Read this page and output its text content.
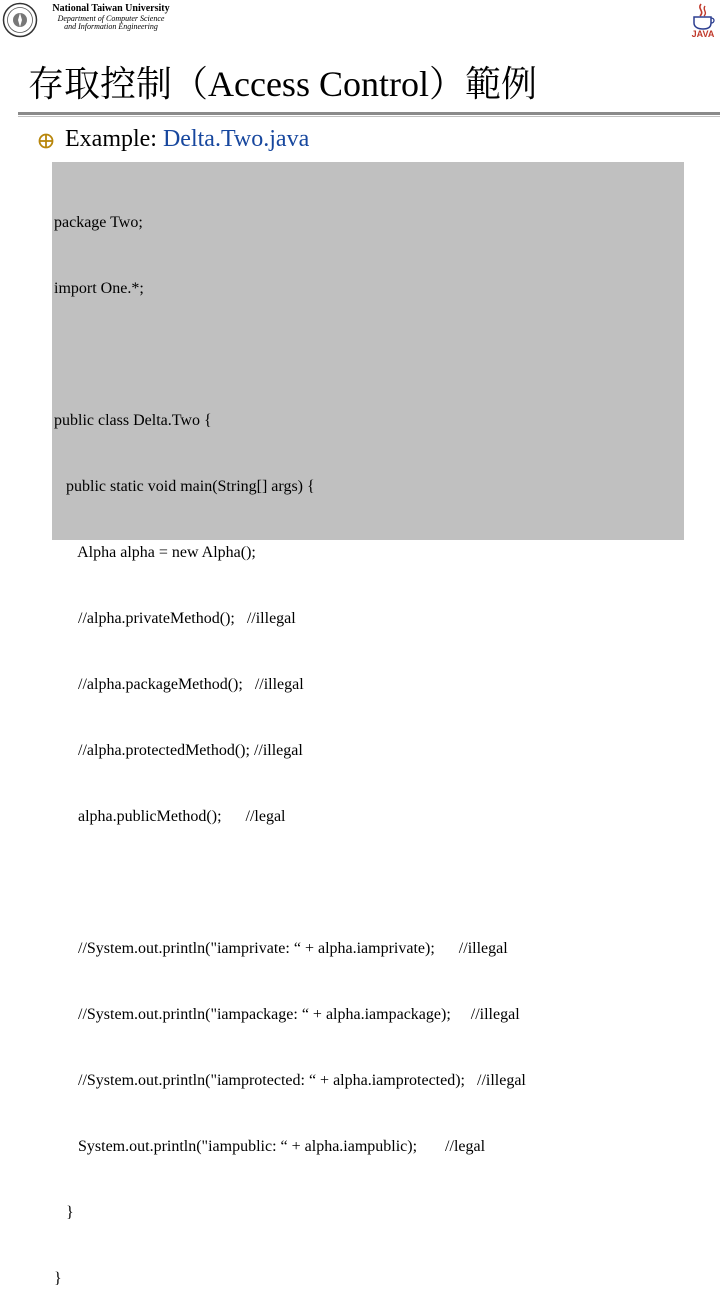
National Taiwan University
Department of Computer Science
and Information Engineering
JAVA
存取控制（Access Control）範例
Example: Delta.Two.java

package Two;

import One.*;

public class Delta.Two {

public static void main(String[] args) {

Alpha alpha = new Alpha();

//alpha.privateMethod();   //illegal

//alpha.packageMethod();   //illegal

//alpha.protectedMethod(); //illegal

alpha.publicMethod();      //legal

//System.out.println("iamprivate: “ + alpha.iamprivate);      //illegal

//System.out.println("iampackage: “ + alpha.iampackage);     //illegal

//System.out.println("iamprotected: “ + alpha.iamprotected);   //illegal

System.out.println("iampublic: “ + alpha.iampublic);       //legal

}

}
